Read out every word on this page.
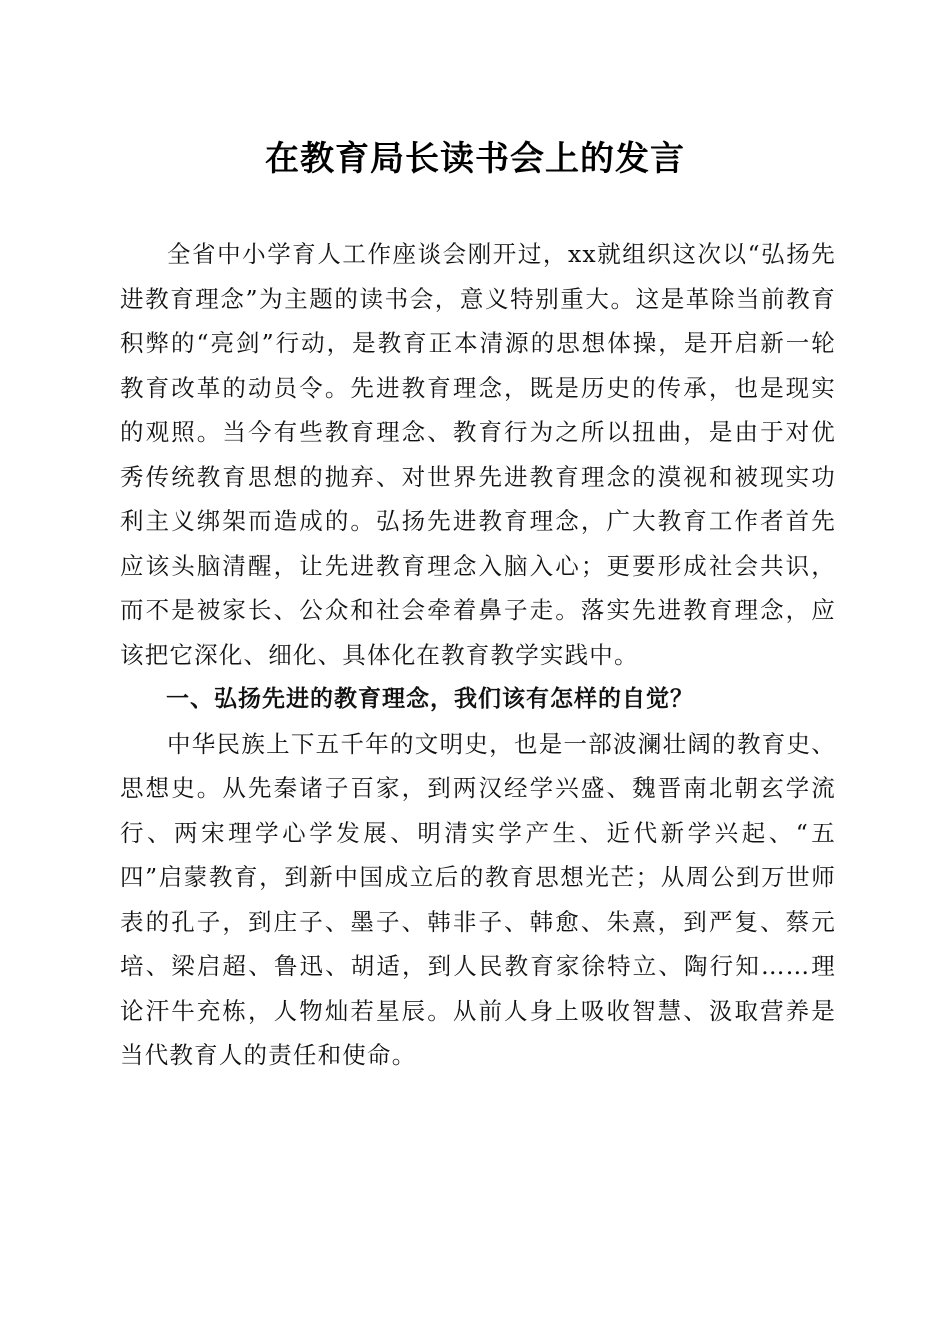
在教育局长读书会上的发言

全省中小学育人工作座谈会刚开过，xx就组织这次以“弘扬先进教育理念”为主题的读书会，意义特别重大。这是革除当前教育积弊的“亮剑”行动，是教育正本清源的思想体操，是开启新一轮教育改革的动员令。先进教育理念，既是历史的传承，也是现实的观照。当今有些教育理念、教育行为之所以扭曲，是由于对优秀传统教育思想的抛弃、对世界先进教育理念的漠视和被现实功利主义绑架而造成的。弘扬先进教育理念，广大教育工作者首先应该头脑清醒，让先进教育理念入脑入心；更要形成社会共识，而不是被家长、公众和社会牵着鼻子走。落实先进教育理念，应该把它深化、细化、具体化在教育教学实践中。

一、弘扬先进的教育理念，我们该有怎样的自觉？

中华民族上下五千年的文明史，也是一部波澜壮阔的教育史、思想史。从先秦诸子百家，到两汉经学兴盛、魏晋南北朝玄学流行、两宋理学心学发展、明清实学产生、近代新学兴起、“五四”启蒙教育，到新中国成立后的教育思想光芒；从周公到万世师表的孔子，到庄子、墨子、韩非子、韩愈、朱熹，到严复、蔡元培、梁启超、鲁迅、胡适，到人民教育家徐特立、陶行知……理论汗牛充栋，人物灿若星辰。从前人身上吸收智慧、汲取营养是当代教育人的责任和使命。
